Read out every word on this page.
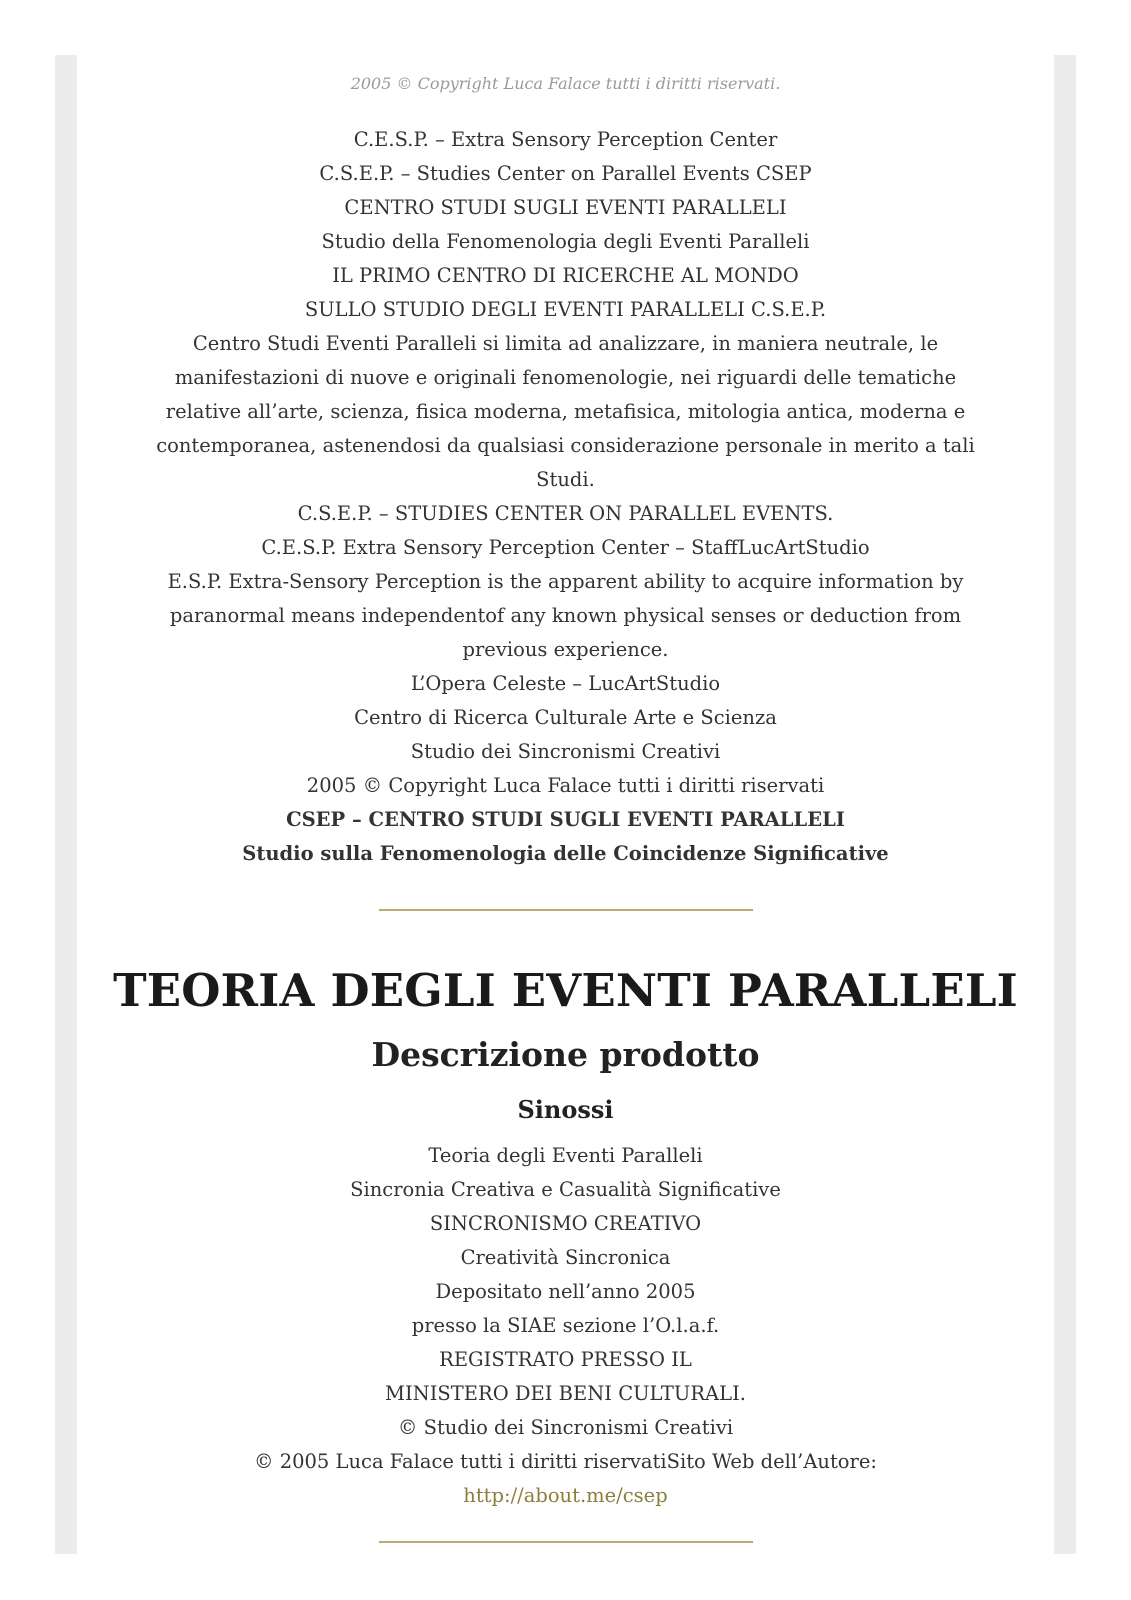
2005 © Copyright Luca Falace tutti i diritti riservati.
C.E.S.P. – Extra Sensory Perception Center
C.S.E.P. – Studies Center on Parallel Events CSEP
CENTRO STUDI SUGLI EVENTI PARALLELI
Studio della Fenomenologia degli Eventi Paralleli
IL PRIMO CENTRO DI RICERCHE AL MONDO
SULLO STUDIO DEGLI EVENTI PARALLELI C.S.E.P.
Centro Studi Eventi Paralleli si limita ad analizzare, in maniera neutrale, le manifestazioni di nuove e originali fenomenologie, nei riguardi delle tematiche relative all’arte, scienza, fisica moderna, metafisica, mitologia antica, moderna e contemporanea, astenendosi da qualsiasi considerazione personale in merito a tali Studi.
C.S.E.P. – STUDIES CENTER ON PARALLEL EVENTS.
C.E.S.P. Extra Sensory Perception Center – StaffLucArtStudio
E.S.P. Extra-Sensory Perception is the apparent ability to acquire information by paranormal means independentof any known physical senses or deduction from previous experience.
L’Opera Celeste – LucArtStudio
Centro di Ricerca Culturale Arte e Scienza
Studio dei Sincronismi Creativi
2005 © Copyright Luca Falace tutti i diritti riservati
CSEP – CENTRO STUDI SUGLI EVENTI PARALLELI
Studio sulla Fenomenologia delle Coincidenze Significative
TEORIA DEGLI EVENTI PARALLELI
Descrizione prodotto
Sinossi
Teoria degli Eventi Paralleli
Sincronia Creativa e Casualità Significative
SINCRONISMO CREATIVO
Creatività Sincronica
Depositato nell’anno 2005
presso la SIAE sezione l’O.l.a.f.
REGISTRATO PRESSO IL
MINISTERO DEI BENI CULTURALI.
© Studio dei Sincronismi Creativi
© 2005 Luca Falace tutti i diritti riservatiSito Web dell’Autore:
http://about.me/csep
